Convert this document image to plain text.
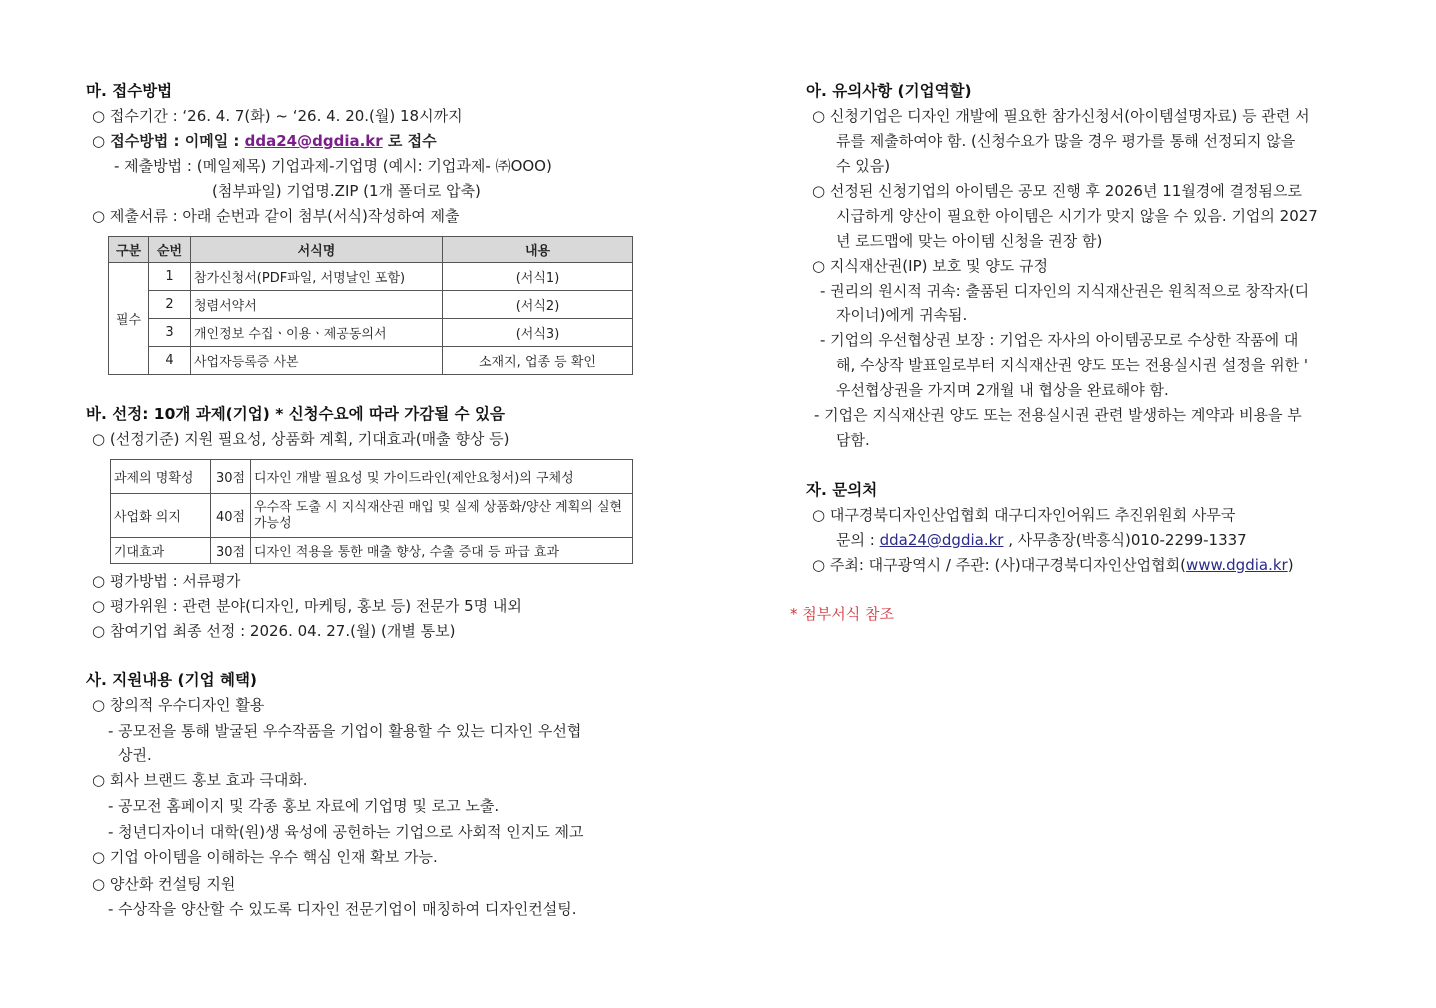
마. 접수방법
○ 접수기간 : ‘26. 4. 7(화) ~ ‘26. 4. 20.(월) 18시까지
○ 접수방법 : 이메일 : dda24@dgdia.kr 로 접수
- 제출방법 : (메일제목) 기업과제-기업명 (예시: 기업과제- ㈜OOO)
(첨부파일) 기업명.ZIP (1개 폴더로 압축)
○ 제출서류 : 아래 순번과 같이 첨부(서식)작성하여 제출
구분	순번	서식명	내용
필수	1	참가신청서(PDF파일, 서명날인 포함)	(서식1)
	2	청렴서약서	(서식2)
	3	개인정보 수집ㆍ이용ㆍ제공동의서	(서식3)
	4	사업자등록증 사본	소재지, 업종 등 확인
바. 선정: 10개 과제(기업) * 신청수요에 따라 가감될 수 있음
○ (선정기준) 지원 필요성, 상품화 계획, 기대효과(매출 향상 등)
과제의 명확성	30점	디자인 개발 필요성 및 가이드라인(제안요청서)의 구체성
사업화 의지	40점	우수작 도출 시 지식재산권 매입 및 실제 상품화/양산 계획의 실현 가능성
기대효과	30점	디자인 적용을 통한 매출 향상, 수출 증대 등 파급 효과
○ 평가방법 : 서류평가
○ 평가위원 : 관련 분야(디자인, 마케팅, 홍보 등) 전문가 5명 내외
○ 참여기업 최종 선정 : 2026. 04. 27.(월) (개별 통보)
사. 지원내용 (기업 혜택)
○ 창의적 우수디자인 활용
- 공모전을 통해 발굴된 우수작품을 기업이 활용할 수 있는 디자인 우선협
상권.
○ 회사 브랜드 홍보 효과 극대화.
- 공모전 홈페이지 및 각종 홍보 자료에 기업명 및 로고 노출.
- 청년디자이너 대학(원)생 육성에 공헌하는 기업으로 사회적 인지도 제고
○ 기업 아이템을 이해하는 우수 핵심 인재 확보 가능.
○ 양산화 컨설팅 지원
- 수상작을 양산할 수 있도록 디자인 전문기업이 매칭하여 디자인컨설팅.
아. 유의사항 (기업역할)
○ 신청기업은 디자인 개발에 필요한 참가신청서(아이템설명자료) 등 관련 서
류를 제출하여야 함. (신청수요가 많을 경우 평가를 통해 선정되지 않을
수 있음)
○ 선정된 신청기업의 아이템은 공모 진행 후 2026년 11월경에 결정됨으로
시급하게 양산이 필요한 아이템은 시기가 맞지 않을 수 있음. 기업의 2027
년 로드맵에 맞는 아이템 신청을 권장 함)
○ 지식재산권(IP) 보호 및 양도 규정
- 권리의 원시적 귀속: 출품된 디자인의 지식재산권은 원칙적으로 창작자(디
자이너)에게 귀속됨.
- 기업의 우선협상권 보장 : 기업은 자사의 아이템공모로 수상한 작품에 대
해, 수상작 발표일로부터 지식재산권 양도 또는 전용실시권 설정을 위한 '
우선협상권을 가지며 2개월 내 협상을 완료해야 함.
- 기업은 지식재산권 양도 또는 전용실시권 관련 발생하는 계약과 비용을 부
담함.
자. 문의처
○ 대구경북디자인산업협회 대구디자인어워드 추진위원회 사무국
문의 : dda24@dgdia.kr , 사무총장(박흥식)010-2299-1337
○ 주최: 대구광역시 / 주관: (사)대구경북디자인산업협회(www.dgdia.kr)
* 첨부서식 참조
